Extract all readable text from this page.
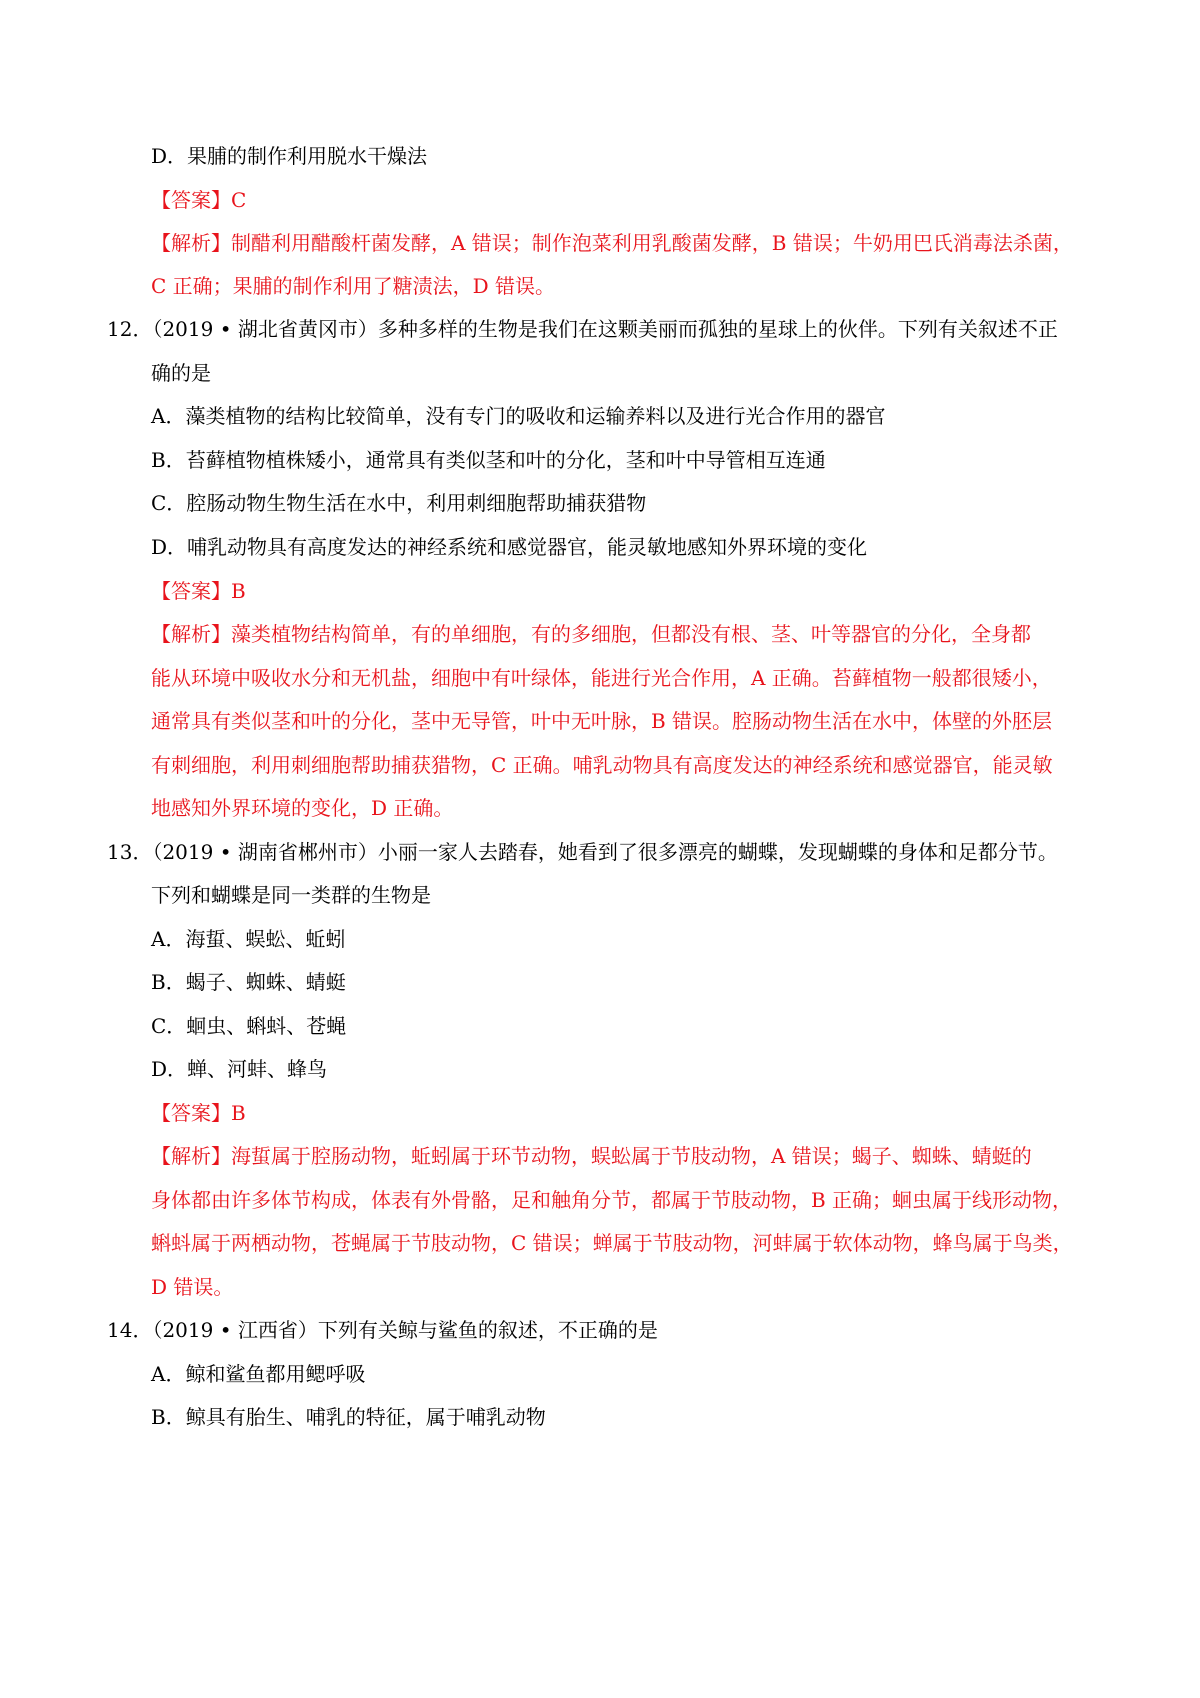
D．果脯的制作利用脱水干燥法
【答案】C
【解析】制醋利用醋酸杆菌发酵，A 错误；制作泡菜利用乳酸菌发酵，B 错误；牛奶用巴氏消毒法杀菌，
C 正确；果脯的制作利用了糖渍法，D 错误。
12．（2019 • 湖北省黄冈市）多种多样的生物是我们在这颗美丽而孤独的星球上的伙伴。下列有关叙述不正
确的是
A．藻类植物的结构比较简单，没有专门的吸收和运输养料以及进行光合作用的器官
B．苔藓植物植株矮小，通常具有类似茎和叶的分化，茎和叶中导管相互连通
C．腔肠动物生物生活在水中，利用刺细胞帮助捕获猎物
D．哺乳动物具有高度发达的神经系统和感觉器官，能灵敏地感知外界环境的变化
【答案】B
【解析】藻类植物结构简单，有的单细胞，有的多细胞，但都没有根、茎、叶等器官的分化，全身都
能从环境中吸收水分和无机盐，细胞中有叶绿体，能进行光合作用，A 正确。苔藓植物一般都很矮小，
通常具有类似茎和叶的分化，茎中无导管，叶中无叶脉，B 错误。腔肠动物生活在水中，体壁的外胚层
有刺细胞，利用刺细胞帮助捕获猎物，C 正确。哺乳动物具有高度发达的神经系统和感觉器官，能灵敏
地感知外界环境的变化，D 正确。
13．（2019 • 湖南省郴州市）小丽一家人去踏春，她看到了很多漂亮的蝴蝶，发现蝴蝶的身体和足都分节。
下列和蝴蝶是同一类群的生物是
A．海蜇、蜈蚣、蚯蚓
B．蝎子、蜘蛛、蜻蜓
C．蛔虫、蝌蚪、苍蝇
D．蝉、河蚌、蜂鸟
【答案】B
【解析】海蜇属于腔肠动物，蚯蚓属于环节动物，蜈蚣属于节肢动物，A 错误；蝎子、蜘蛛、蜻蜓的
身体都由许多体节构成，体表有外骨骼，足和触角分节，都属于节肢动物，B 正确；蛔虫属于线形动物，
蝌蚪属于两栖动物，苍蝇属于节肢动物，C 错误；蝉属于节肢动物，河蚌属于软体动物，蜂鸟属于鸟类，
D 错误。
14．（2019 • 江西省）下列有关鲸与鲨鱼的叙述，不正确的是
A．鲸和鲨鱼都用鳃呼吸
B．鲸具有胎生、哺乳的特征，属于哺乳动物
